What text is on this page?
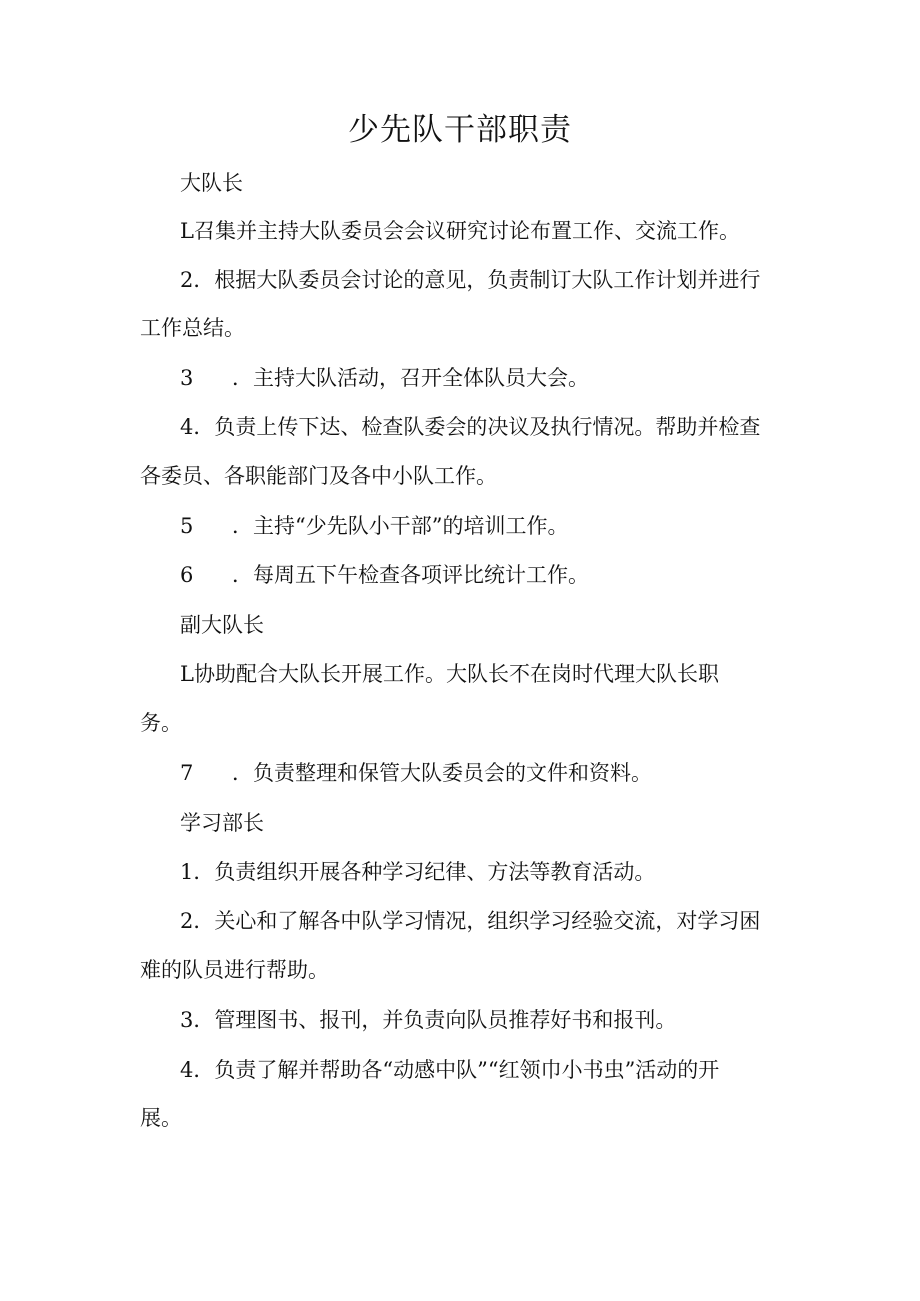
少先队干部职责

大队长

L召集并主持大队委员会会议研究讨论布置工作、交流工作。

2．根据大队委员会讨论的意见，负责制订大队工作计划并进行

工作总结。

3 ．主持大队活动，召开全体队员大会。

4．负责上传下达、检查队委会的决议及执行情况。帮助并检查

各委员、各职能部门及各中小队工作。

5 ．主持“少先队小干部”的培训工作。

6 ．每周五下午检查各项评比统计工作。

副大队长

L协助配合大队长开展工作。大队长不在岗时代理大队长职

务。

7 ．负责整理和保管大队委员会的文件和资料。

学习部长

1．负责组织开展各种学习纪律、方法等教育活动。

2．关心和了解各中队学习情况，组织学习经验交流，对学习困

难的队员进行帮助。

3．管理图书、报刊，并负责向队员推荐好书和报刊。

4．负责了解并帮助各“动感中队”“红领巾小书虫”活动的开

展。
